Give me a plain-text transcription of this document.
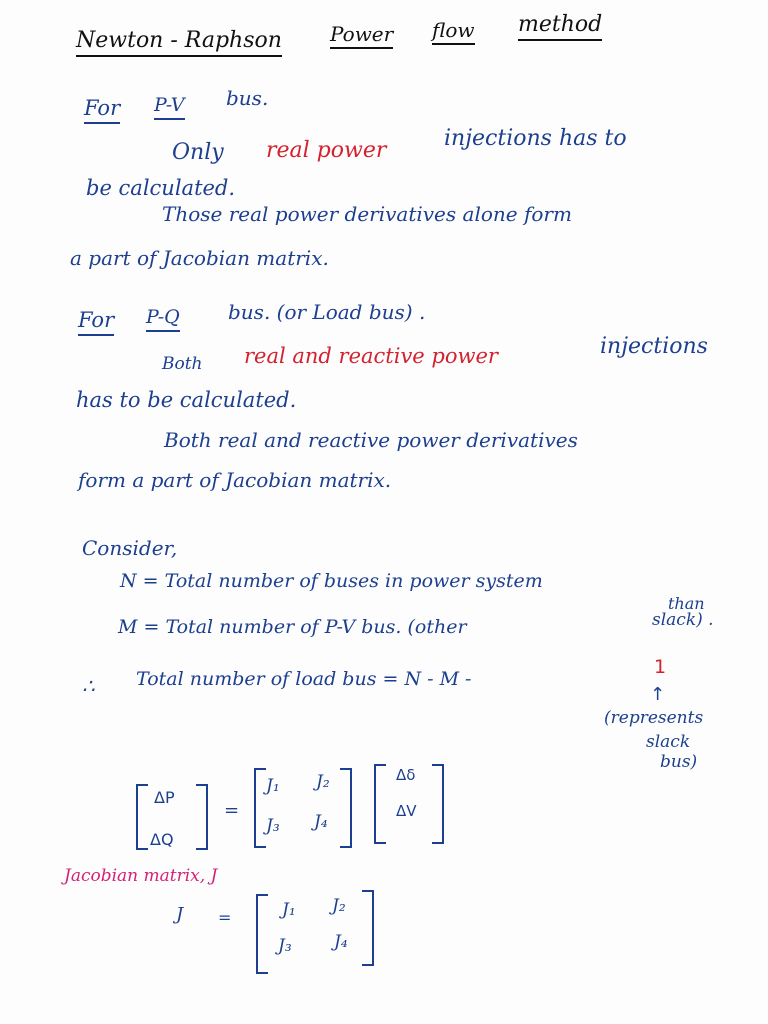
Newton - Raphson Power flow method
For P-V bus.
Only real power	injections has to
be calculated.
Those real power derivatives alone form
a part of Jacobian matrix.
For P-Q bus. (or Load bus) .
Both real and reactive power	injections
has to be calculated.
Both real and reactive power derivatives
form a part of Jacobian matrix.
Consider,
N = Total number of buses in power system
M = Total number of P-V bus. (other
than
slack) .
∴ Total number of load bus = N - M -
1
↑
(represents
slack
bus)
ΔP
ΔQ
=
J₁ J₂
J₃ J₄
Δδ
ΔV
Jacobian matrix, J
J =	J₁ J₂
J₃ J₄
